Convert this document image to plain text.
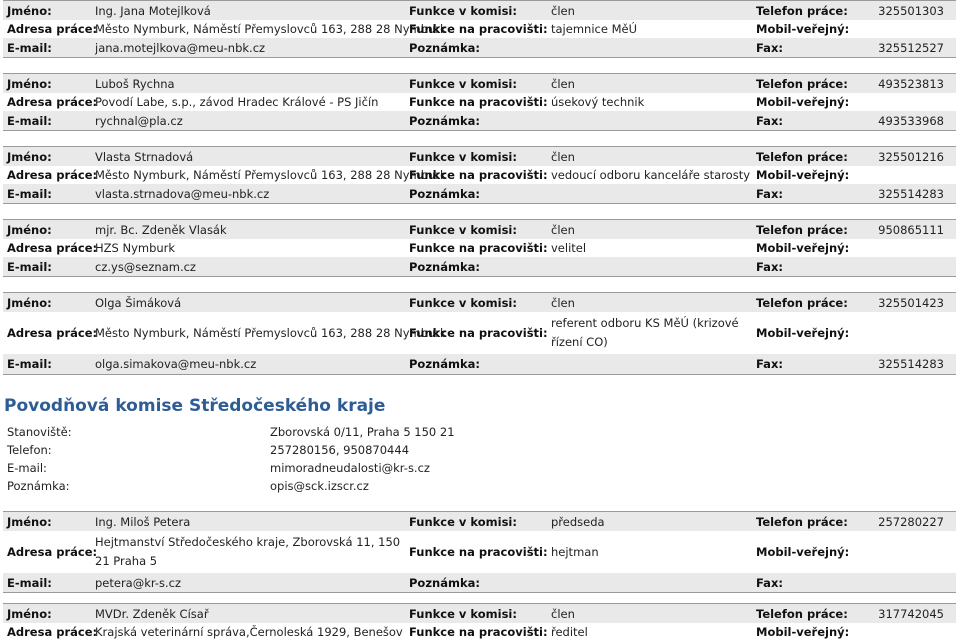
Jméno:	Ing. Jana Motejlková	Funkce v komisi:	člen	Telefon práce:	325501303
Adresa práce:	Město Nymburk, Náměstí Přemyslovců 163, 288 28 Nymburk	Funkce na pracovišti:	tajemnice MěÚ	Mobil-veřejný:	
E-mail:	jana.motejlkova@meu-nbk.cz	Poznámka:		Fax:	325512527
Jméno:	Luboš Rychna	Funkce v komisi:	člen	Telefon práce:	493523813
Adresa práce:	Povodí Labe, s.p., závod Hradec Králové - PS Jičín	Funkce na pracovišti:	úsekový technik	Mobil-veřejný:	
E-mail:	rychnal@pla.cz	Poznámka:		Fax:	493533968
Jméno:	Vlasta Strnadová	Funkce v komisi:	člen	Telefon práce:	325501216
Adresa práce:	Město Nymburk, Náměstí Přemyslovců 163, 288 28 Nymburk	Funkce na pracovišti:	vedoucí odboru kanceláře starosty	Mobil-veřejný:	
E-mail:	vlasta.strnadova@meu-nbk.cz	Poznámka:		Fax:	325514283
Jméno:	mjr. Bc. Zdeněk Vlasák	Funkce v komisi:	člen	Telefon práce:	950865111
Adresa práce:	HZS Nymburk	Funkce na pracovišti:	velitel	Mobil-veřejný:	
E-mail:	cz.ys@seznam.cz	Poznámka:		Fax:	
Jméno:	Olga Šimáková	Funkce v komisi:	člen	Telefon práce:	325501423
Adresa práce:	Město Nymburk, Náměstí Přemyslovců 163, 288 28 Nymburk	Funkce na pracovišti:	referent odboru KS MěÚ (krizové řízení CO)	Mobil-veřejný:	
E-mail:	olga.simakova@meu-nbk.cz	Poznámka:		Fax:	325514283
Povodňová komise Středočeského kraje
Stanoviště:	Zborovská 0/11, Praha 5 150 21
Telefon:	257280156, 950870444
E-mail:	mimoradneudalosti@kr-s.cz
Poznámka:	opis@sck.izscr.cz
Jméno:	Ing. Miloš Petera	Funkce v komisi:	předseda	Telefon práce:	257280227
Adresa práce:	Hejtmanství Středočeského kraje, Zborovská 11, 150 21 Praha 5	Funkce na pracovišti:	hejtman	Mobil-veřejný:	
E-mail:	petera@kr-s.cz	Poznámka:		Fax:	
Jméno:	MVDr. Zdeněk Císař	Funkce v komisi:	člen	Telefon práce:	317742045
Adresa práce:	Krajská veterinární správa,Černoleská 1929, Benešov	Funkce na pracovišti:	ředitel	Mobil-veřejný:	
